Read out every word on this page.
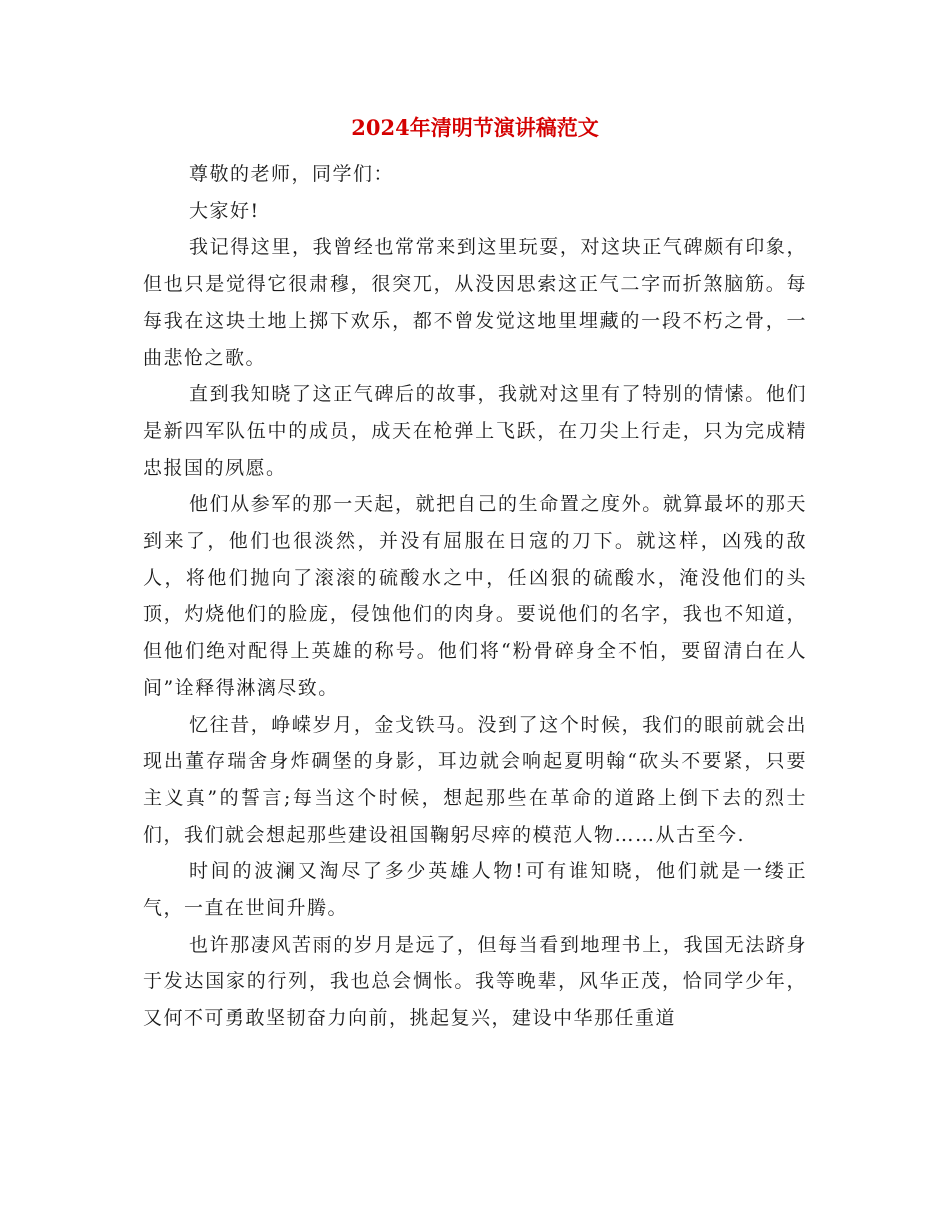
2024年清明节演讲稿范文

尊敬的老师，同学们：

大家好!

我记得这里，我曾经也常常来到这里玩耍，对这块正气碑颇有印象，但也只是觉得它很肃穆，很突兀，从没因思索这正气二字而折煞脑筋。每每我在这块土地上掷下欢乐，都不曾发觉这地里埋藏的一段不朽之骨，一曲悲怆之歌。

直到我知晓了这正气碑后的故事，我就对这里有了特别的情愫。他们是新四军队伍中的成员，成天在枪弹上飞跃，在刀尖上行走，只为完成精忠报国的夙愿。

他们从参军的那一天起，就把自己的生命置之度外。就算最坏的那天到来了，他们也很淡然，并没有屈服在日寇的刀下。就这样，凶残的敌人，将他们抛向了滚滚的硫酸水之中，任凶狠的硫酸水，淹没他们的头顶，灼烧他们的脸庞，侵蚀他们的肉身。要说他们的名字，我也不知道，但他们绝对配得上英雄的称号。他们将“粉骨碎身全不怕，要留清白在人间”诠释得淋漓尽致。

忆往昔，峥嵘岁月，金戈铁马。没到了这个时候，我们的眼前就会出现出董存瑞舍身炸碉堡的身影，耳边就会响起夏明翰“砍头不要紧，只要主义真”的誓言;每当这个时候，想起那些在革命的道路上倒下去的烈士们，我们就会想起那些建设祖国鞠躬尽瘁的模范人物……从古至今.

时间的波澜又淘尽了多少英雄人物!可有谁知晓，他们就是一缕正气，一直在世间升腾。

也许那凄风苦雨的岁月是远了，但每当看到地理书上，我国无法跻身于发达国家的行列，我也总会惆怅。我等晚辈，风华正茂，恰同学少年，又何不可勇敢坚韧奋力向前，挑起复兴，建设中华那任重道
